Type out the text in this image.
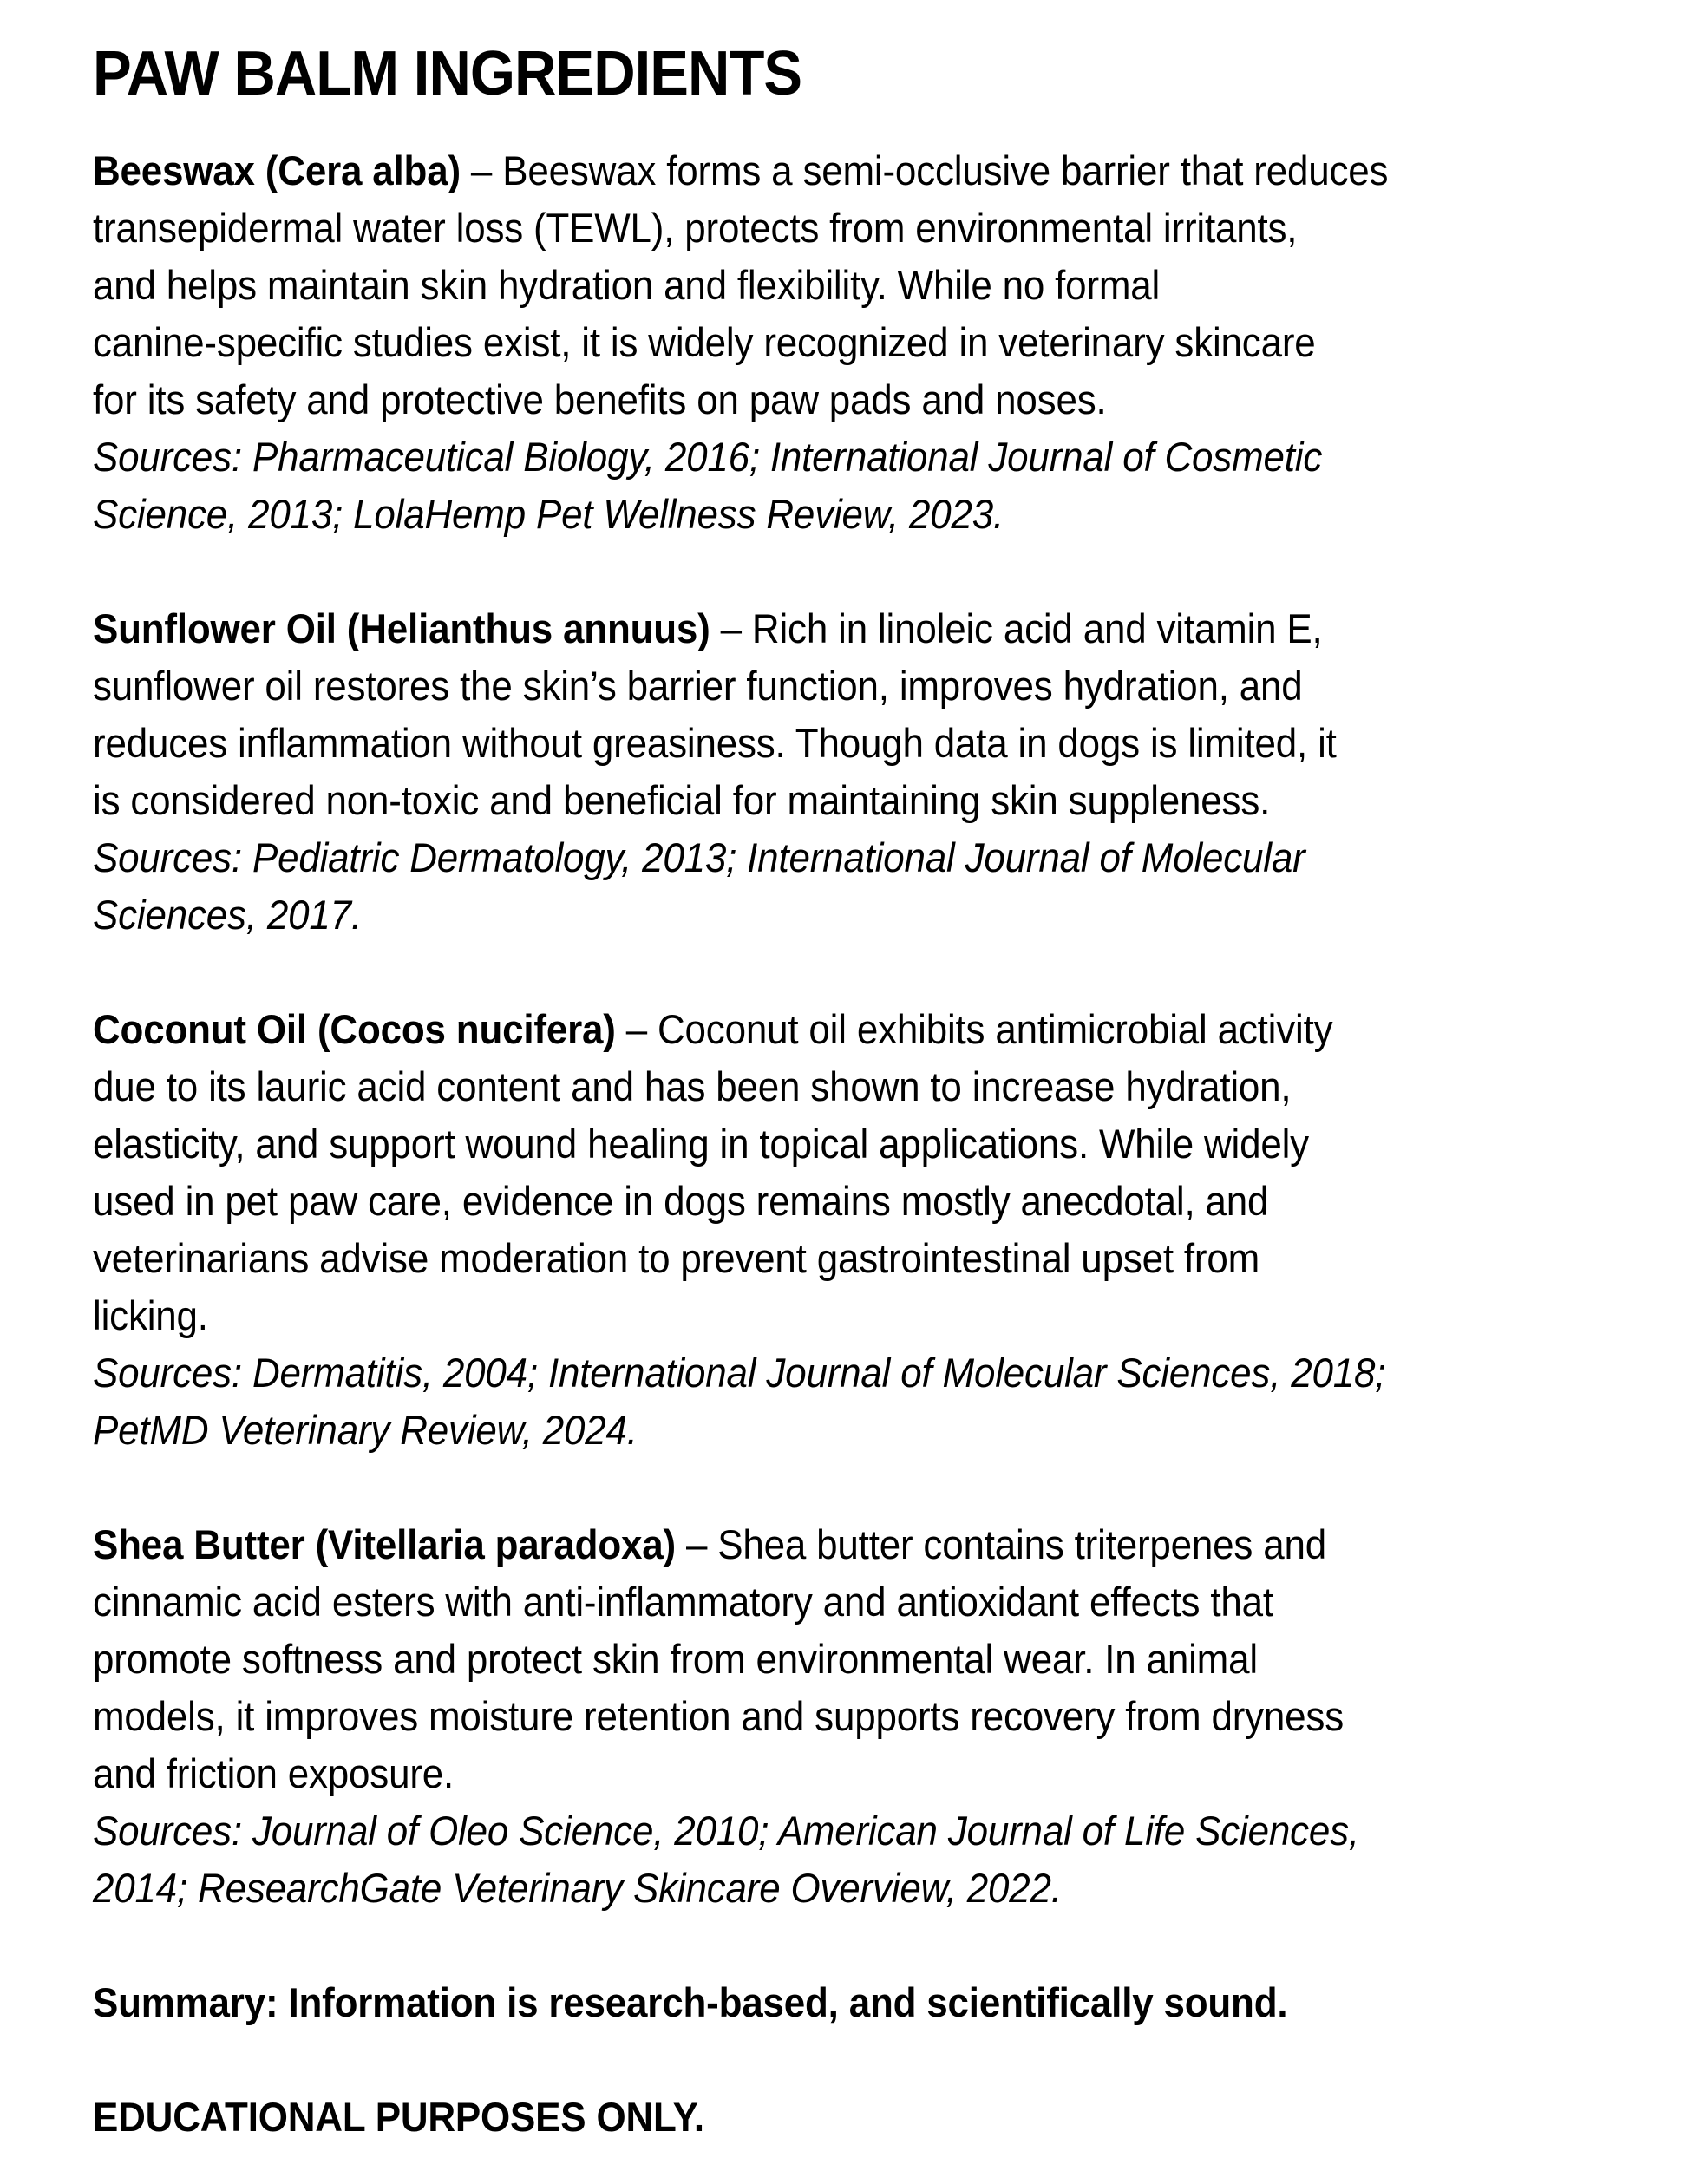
PAW BALM INGREDIENTS
Beeswax (Cera alba) – Beeswax forms a semi-occlusive barrier that reduces
transepidermal water loss (TEWL), protects from environmental irritants,
and helps maintain skin hydration and flexibility. While no formal
canine-specific studies exist, it is widely recognized in veterinary skincare
for its safety and protective benefits on paw pads and noses.
Sources: Pharmaceutical Biology, 2016; International Journal of Cosmetic
Science, 2013; LolaHemp Pet Wellness Review, 2023.
Sunflower Oil (Helianthus annuus) – Rich in linoleic acid and vitamin E,
sunflower oil restores the skin’s barrier function, improves hydration, and
reduces inflammation without greasiness. Though data in dogs is limited, it
is considered non-toxic and beneficial for maintaining skin suppleness.
Sources: Pediatric Dermatology, 2013; International Journal of Molecular
Sciences, 2017.
Coconut Oil (Cocos nucifera) – Coconut oil exhibits antimicrobial activity
due to its lauric acid content and has been shown to increase hydration,
elasticity, and support wound healing in topical applications. While widely
used in pet paw care, evidence in dogs remains mostly anecdotal, and
veterinarians advise moderation to prevent gastrointestinal upset from
licking.
Sources: Dermatitis, 2004; International Journal of Molecular Sciences, 2018;
PetMD Veterinary Review, 2024.
Shea Butter (Vitellaria paradoxa) – Shea butter contains triterpenes and
cinnamic acid esters with anti-inflammatory and antioxidant effects that
promote softness and protect skin from environmental wear. In animal
models, it improves moisture retention and supports recovery from dryness
and friction exposure.
Sources: Journal of Oleo Science, 2010; American Journal of Life Sciences,
2014; ResearchGate Veterinary Skincare Overview, 2022.
Summary: Information is research-based, and scientifically sound.
EDUCATIONAL PURPOSES ONLY.
